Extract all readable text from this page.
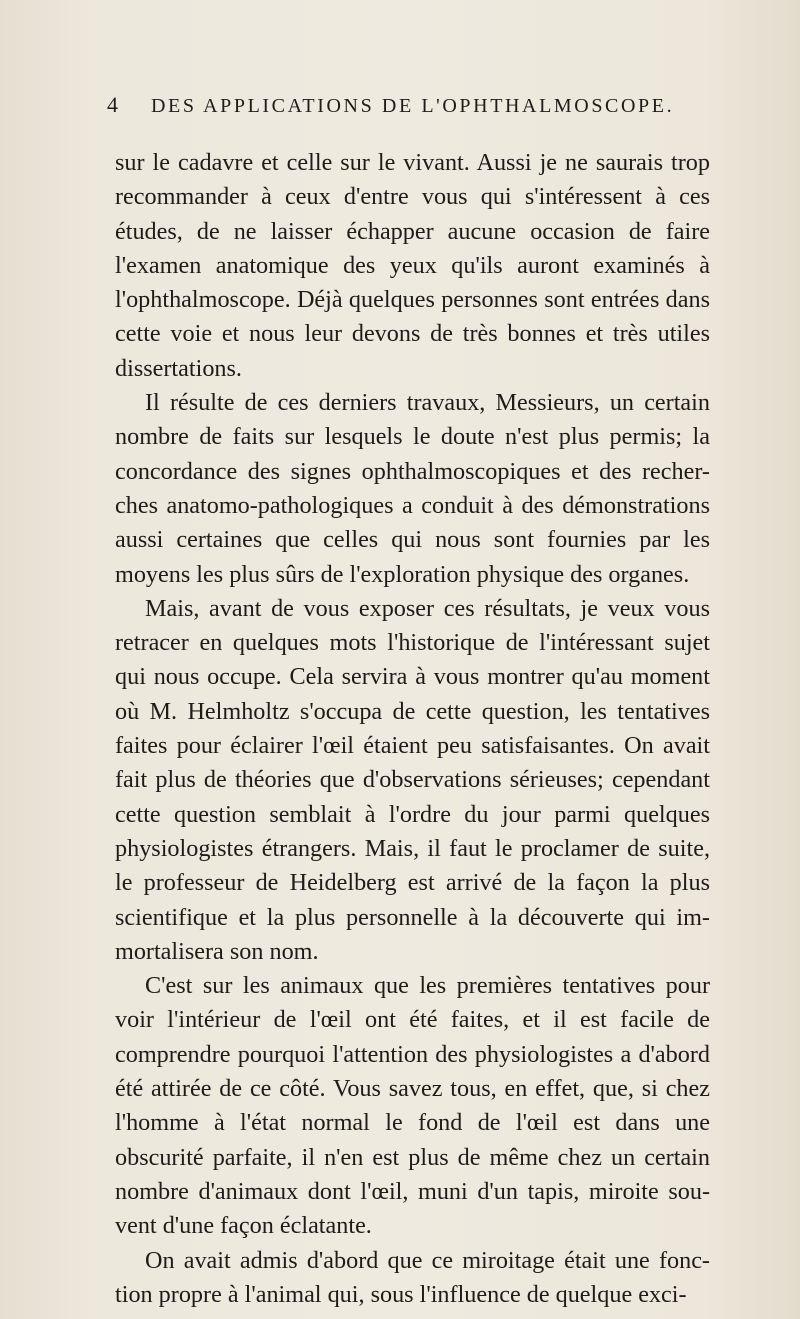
4 DES APPLICATIONS DE L'OPHTHALMOSCOPE.

sur le cadavre et celle sur le vivant. Aussi je ne saurais trop recommander à ceux d'entre vous qui s'intéressent à ces études, de ne laisser échapper aucune occasion de faire l'examen anatomique des yeux qu'ils auront examinés à l'ophthalmoscope. Déjà quelques personnes sont entrées dans cette voie et nous leur devons de très bonnes et très utiles dissertations.

Il résulte de ces derniers travaux, Messieurs, un certain nombre de faits sur lesquels le doute n'est plus permis; la concordance des signes ophthalmoscopiques et des recher-ches anatomo-pathologiques a conduit à des démonstrations aussi certaines que celles qui nous sont fournies par les moyens les plus sûrs de l'exploration physique des organes.

Mais, avant de vous exposer ces résultats, je veux vous retracer en quelques mots l'historique de l'intéressant sujet qui nous occupe. Cela servira à vous montrer qu'au moment où M. Helmholtz s'occupa de cette question, les tentatives faites pour éclairer l'œil étaient peu satisfaisantes. On avait fait plus de théories que d'observations sérieuses; cependant cette question semblait à l'ordre du jour parmi quelques physiologistes étrangers. Mais, il faut le proclamer de suite, le professeur de Heidelberg est arrivé de la façon la plus scientifique et la plus personnelle à la découverte qui im-mortalisera son nom.

C'est sur les animaux que les premières tentatives pour voir l'intérieur de l'œil ont été faites, et il est facile de comprendre pourquoi l'attention des physiologistes a d'abord été attirée de ce côté. Vous savez tous, en effet, que, si chez l'homme à l'état normal le fond de l'œil est dans une obscurité parfaite, il n'en est plus de même chez un certain nombre d'animaux dont l'œil, muni d'un tapis, miroite sou-vent d'une façon éclatante.

On avait admis d'abord que ce miroitage était une fonc-tion propre à l'animal qui, sous l'influence de quelque exci-
